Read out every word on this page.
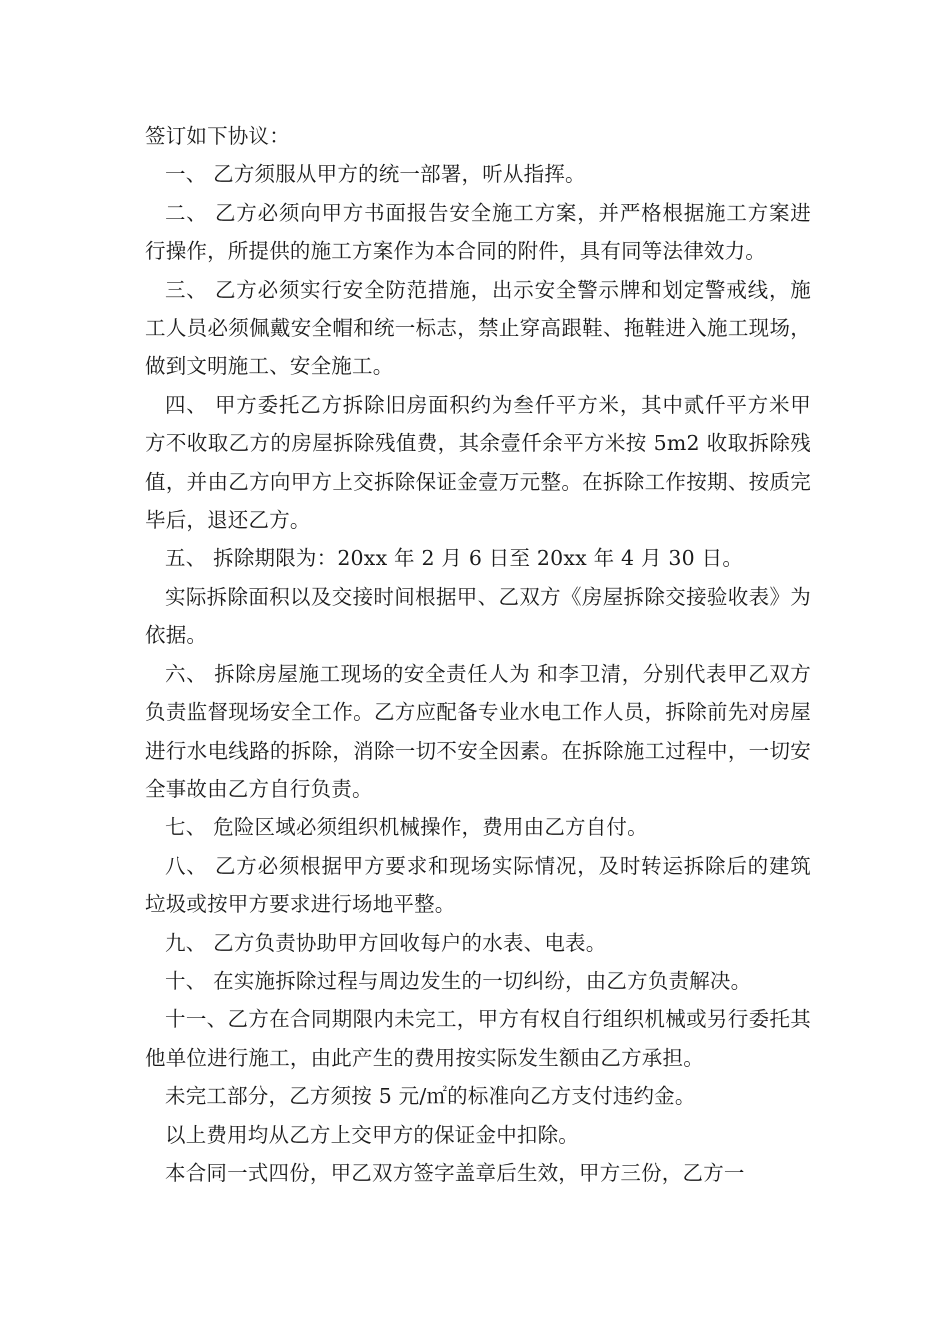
签订如下协议：

一、 乙方须服从甲方的统一部署，听从指挥。

二、 乙方必须向甲方书面报告安全施工方案，并严格根据施工方案进行操作，所提供的施工方案作为本合同的附件，具有同等法律效力。

三、 乙方必须实行安全防范措施，出示安全警示牌和划定警戒线，施工人员必须佩戴安全帽和统一标志，禁止穿高跟鞋、拖鞋进入施工现场，做到文明施工、安全施工。

四、 甲方委托乙方拆除旧房面积约为叁仟平方米，其中贰仟平方米甲方不收取乙方的房屋拆除残值费，其余壹仟余平方米按 5m2 收取拆除残值，并由乙方向甲方上交拆除保证金壹万元整。在拆除工作按期、按质完毕后，退还乙方。

五、 拆除期限为：20xx 年 2 月 6 日至 20xx 年 4 月 30 日。

实际拆除面积以及交接时间根据甲、乙双方《房屋拆除交接验收表》为依据。

六、 拆除房屋施工现场的安全责任人为 和李卫清，分别代表甲乙双方负责监督现场安全工作。乙方应配备专业水电工作人员，拆除前先对房屋进行水电线路的拆除，消除一切不安全因素。在拆除施工过程中，一切安全事故由乙方自行负责。

七、 危险区域必须组织机械操作，费用由乙方自付。

八、 乙方必须根据甲方要求和现场实际情况，及时转运拆除后的建筑垃圾或按甲方要求进行场地平整。

九、 乙方负责协助甲方回收每户的水表、电表。

十、 在实施拆除过程与周边发生的一切纠纷，由乙方负责解决。

十一、乙方在合同期限内未完工，甲方有权自行组织机械或另行委托其他单位进行施工，由此产生的费用按实际发生额由乙方承担。

未完工部分，乙方须按 5 元/㎡的标准向乙方支付违约金。

以上费用均从乙方上交甲方的保证金中扣除。

本合同一式四份，甲乙双方签字盖章后生效，甲方三份，乙方一
